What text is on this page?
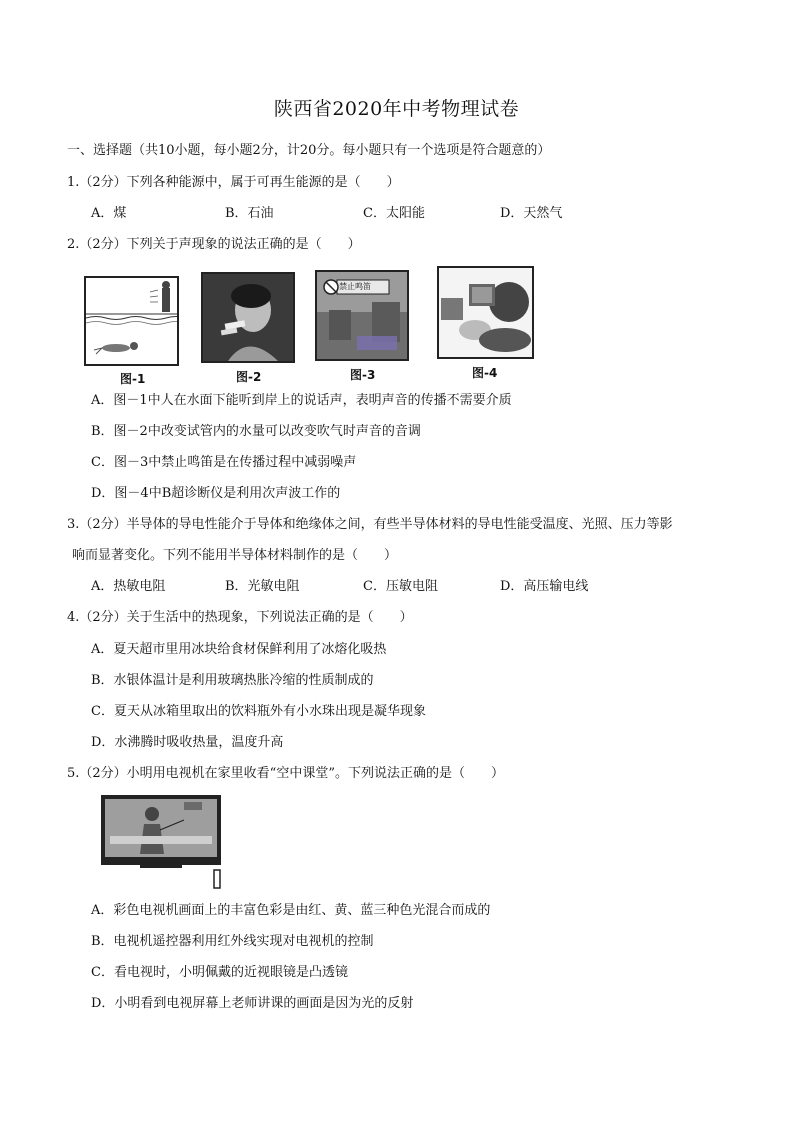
陕西省2020年中考物理试卷
一、选择题（共10小题，每小题2分，计20分。每小题只有一个选项是符合题意的）
1.（2分）下列各种能源中，属于可再生能源的是（　　）
A．煤	B．石油	C．太阳能	D．天然气
2.（2分）下列关于声现象的说法正确的是（　　）
图-1	图-2
禁止鸣笛
图-3	图-4
A．图－1中人在水面下能听到岸上的说话声，表明声音的传播不需要介质
B．图－2中改变试管内的水量可以改变吹气时声音的音调
C．图－3中禁止鸣笛是在传播过程中减弱噪声
D．图－4中B超诊断仪是利用次声波工作的
3.（2分）半导体的导电性能介于导体和绝缘体之间，有些半导体材料的导电性能受温度、光照、压力等影
响而显著变化。下列不能用半导体材料制作的是（　　）
A．热敏电阻	B．光敏电阻	C．压敏电阻	D．高压输电线
4.（2分）关于生活中的热现象，下列说法正确的是（　　）
A．夏天超市里用冰块给食材保鲜利用了冰熔化吸热
B．水银体温计是利用玻璃热胀冷缩的性质制成的
C．夏天从冰箱里取出的饮料瓶外有小水珠出现是凝华现象
D．水沸腾时吸收热量，温度升高
5.（2分）小明用电视机在家里收看“空中课堂”。下列说法正确的是（　　）
A．彩色电视机画面上的丰富色彩是由红、黄、蓝三种色光混合而成的
B．电视机遥控器利用红外线实现对电视机的控制
C．看电视时，小明佩戴的近视眼镜是凸透镜
D．小明看到电视屏幕上老师讲课的画面是因为光的反射
